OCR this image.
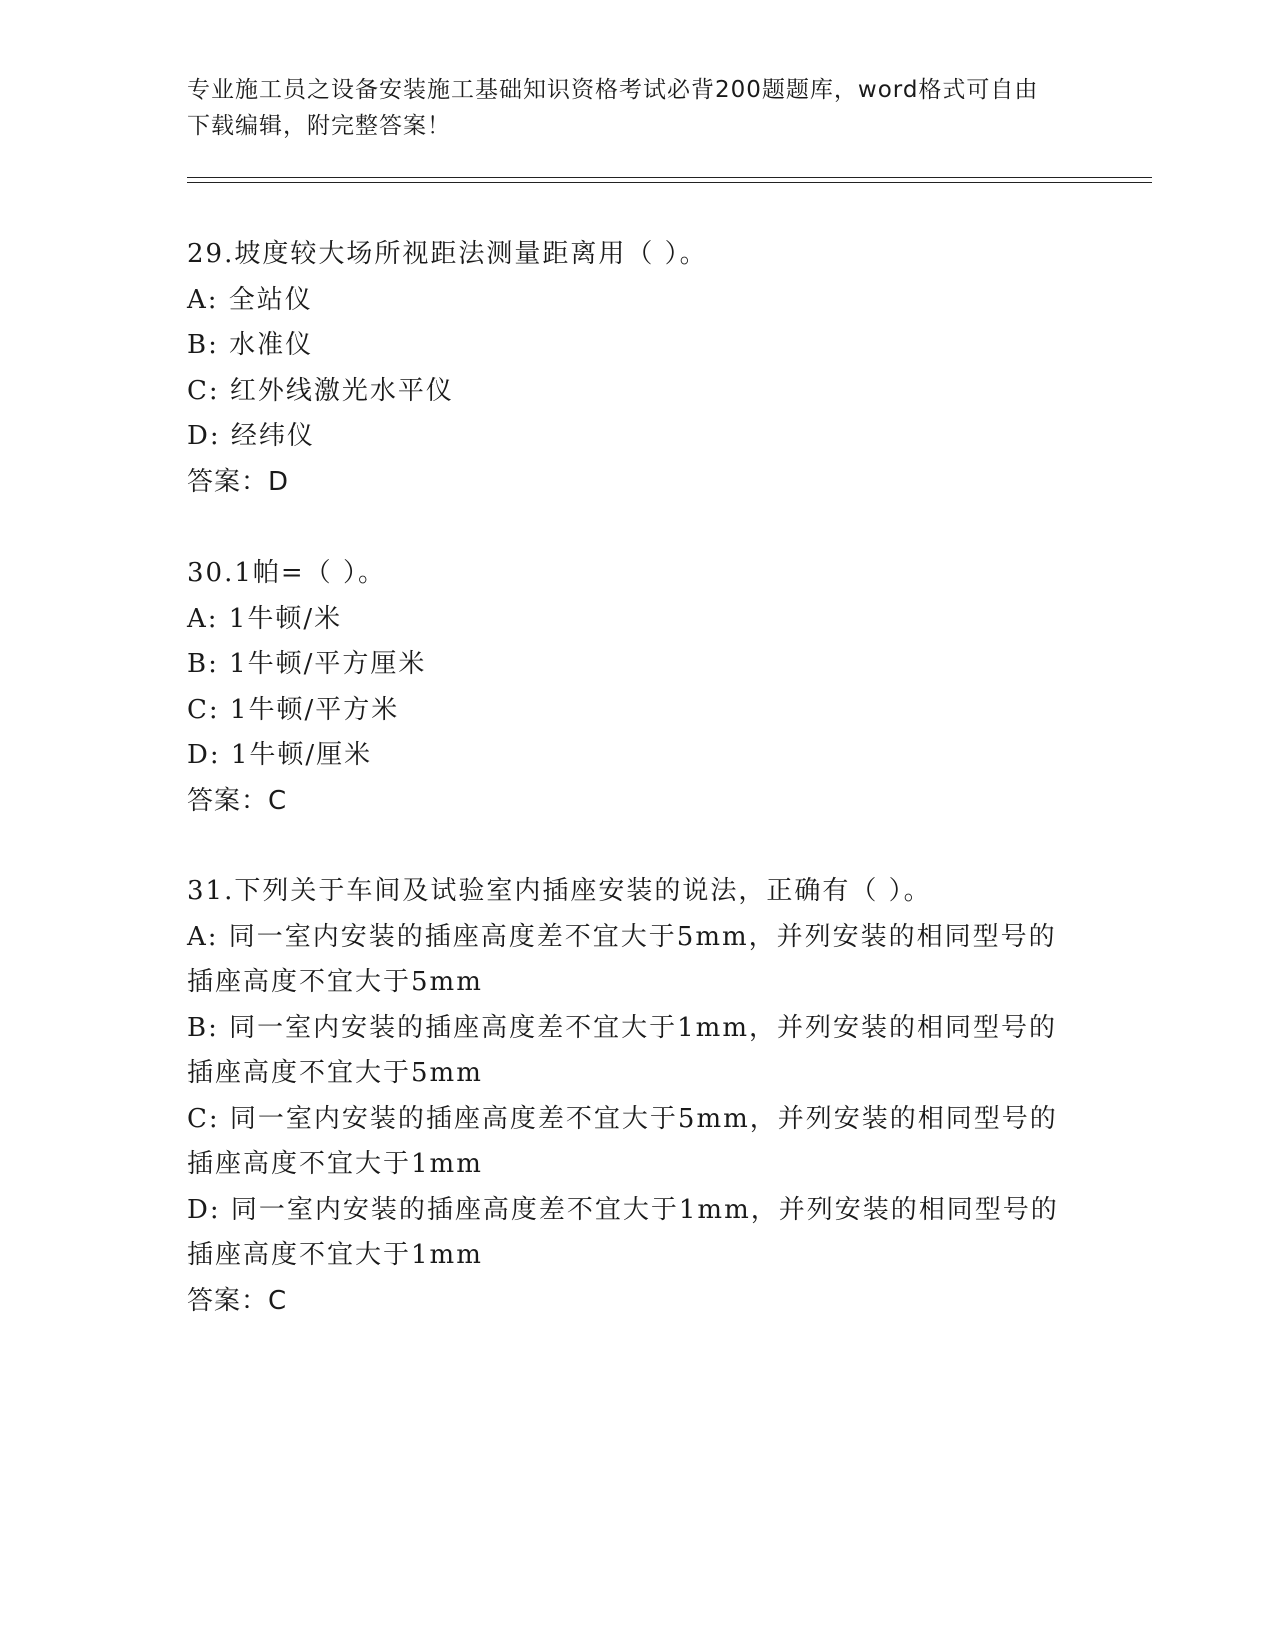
专业施工员之设备安装施工基础知识资格考试必背200题题库，word格式可自由
下载编辑，附完整答案！

29.坡度较大场所视距法测量距离用（ ）。

A: 全站仪

B: 水准仪

C: 红外线激光水平仪

D: 经纬仪

答案：D

30.1帕=（ ）。

A: 1牛顿/米

B: 1牛顿/平方厘米

C: 1牛顿/平方米

D: 1牛顿/厘米

答案：C

31.下列关于车间及试验室内插座安装的说法，正确有（ ）。

A: 同一室内安装的插座高度差不宜大于5mm，并列安装的相同型号的

插座高度不宜大于5mm

B: 同一室内安装的插座高度差不宜大于1mm，并列安装的相同型号的

插座高度不宜大于5mm

C: 同一室内安装的插座高度差不宜大于5mm，并列安装的相同型号的

插座高度不宜大于1mm

D: 同一室内安装的插座高度差不宜大于1mm，并列安装的相同型号的

插座高度不宜大于1mm

答案：C
